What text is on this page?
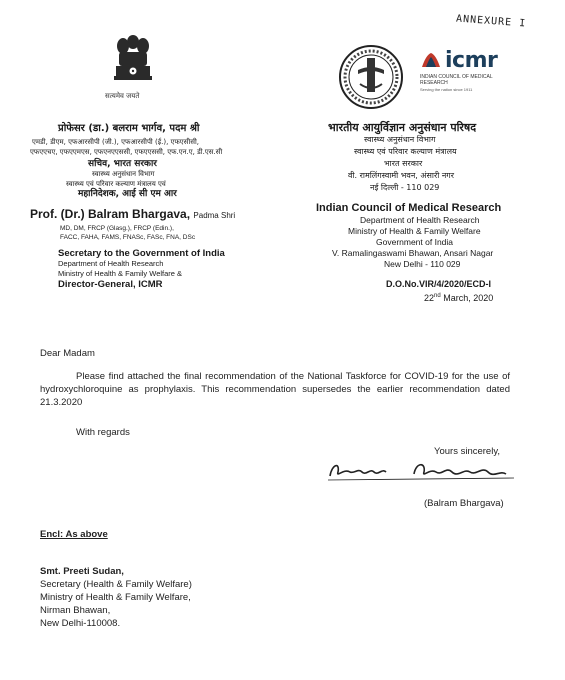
ANNEXURE I
सत्यमेव जयते
icmr
INDIAN COUNCIL OF MEDICAL RESEARCH
Serving the nation since 1911

प्रोफेसर (डा.) बलराम भार्गव, पदम श्री

एमडी, डीएम, एफआरसीपी (जी.), एफआरसीपी (ई.), एफएसीसी,

एफएएचए, एफएएमएस, एफएनएएससी, एफएएससी, एफ.एन.ए, डी.एस.सी

सचिव, भारत सरकार

स्वास्थ्य अनुसंधान विभाग

स्वास्थ्य एवं परिवार कल्याण मंत्रालय एवं

महानिदेशक, आई सी एम आर

Prof. (Dr.) Balram Bhargava, Padma Shri

MD, DM, FRCP (Glasg.), FRCP (Edin.),

FACC, FAHA, FAMS, FNASc, FASc, FNA, DSc

Secretary to the Government of India

Department of Health Research

Ministry of Health & Family Welfare &

Director-General, ICMR

भारतीय आयुर्विज्ञान अनुसंधान परिषद

स्वास्थ्य अनुसंधान विभाग

स्वास्थ्य एवं परिवार कल्याण मंत्रालय

भारत सरकार

वी. रामलिंगस्वामी भवन, अंसारी नगर

नई दिल्ली - 110 029

Indian Council of Medical Research

Department of Health Research

Ministry of Health & Family Welfare

Government of India

V. Ramalingaswami Bhawan, Ansari Nagar

New Delhi - 110 029

D.O.No.VIR/4/2020/ECD-I

22nd March, 2020

Dear Madam
Please find attached the final recommendation of the National Taskforce for COVID-19 for the use of hydroxychloroquine as prophylaxis. This recommendation supersedes the earlier recommendation dated 21.3.2020
With regards
Yours sincerely,
(Balram Bhargava)
Encl: As above
Smt. Preeti Sudan,
Secretary (Health & Family Welfare)
Ministry of Health & Family Welfare,
Nirman Bhawan,
New Delhi-110008.
